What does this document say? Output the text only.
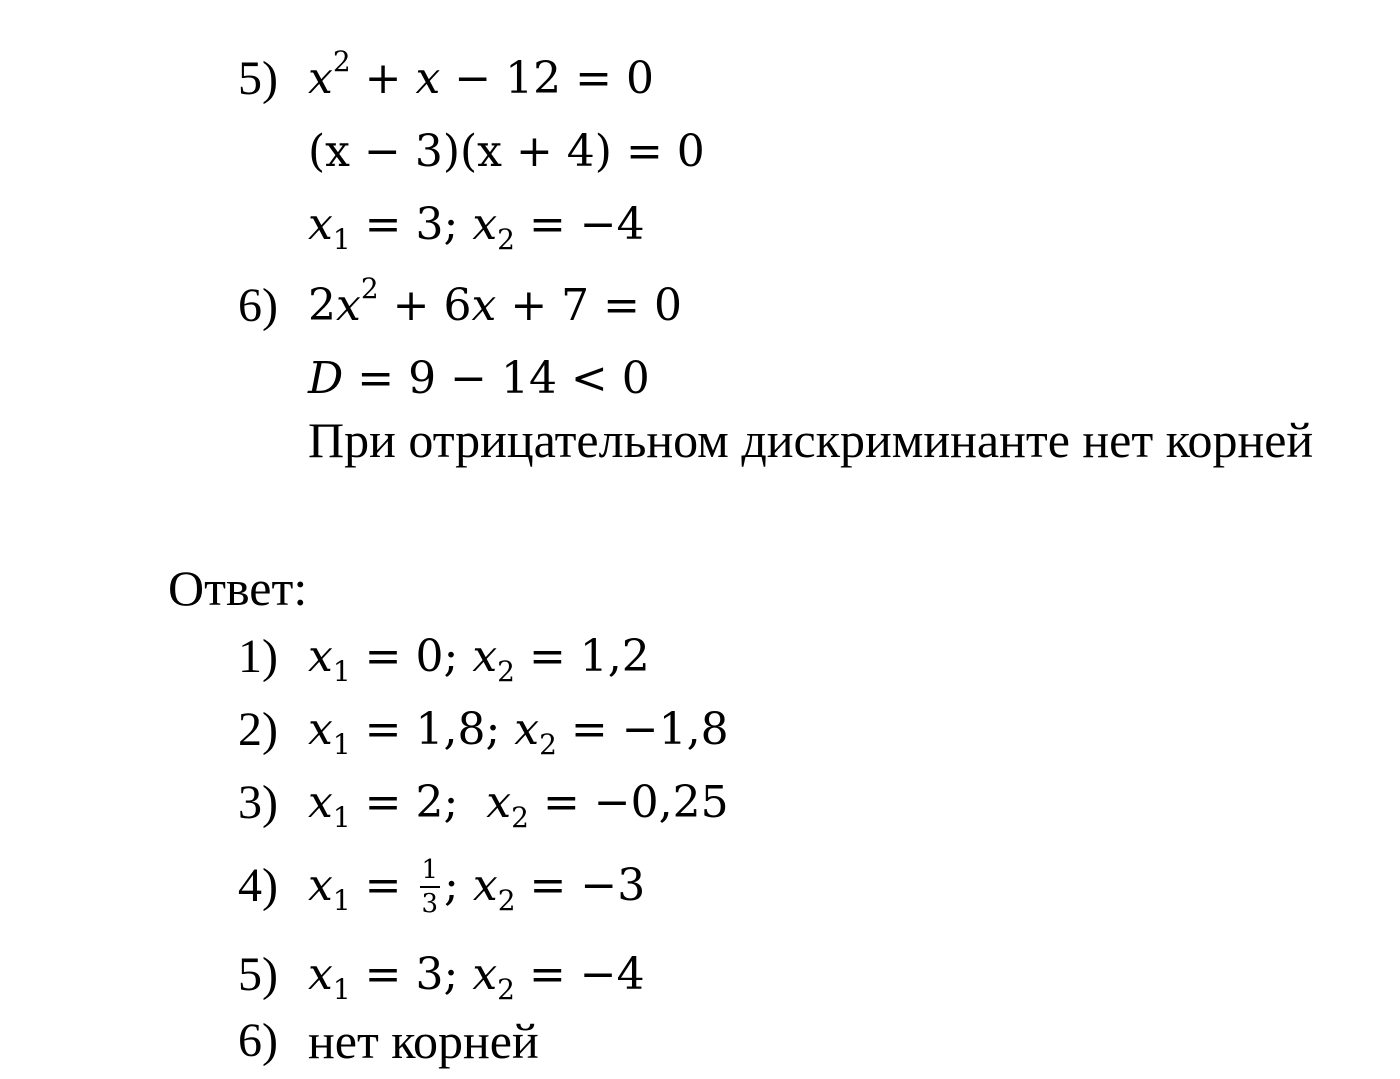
5) $x^2 + x - 12 = 0$
(x − 3)(x + 4) = 0
$x_1 = 3$; $x_2 = -4$
6) $2x^2 + 6x + 7 = 0$
D = 9 − 14 < 0
При отрицательном дискриминанте нет корней
Ответ:
1) $x_1 = 0$; $x_2 = 1,2$
2) $x_1 = 1,8$; $x_2 = -1,8$
3) $x_1 = 2$;  $x_2 = -0,25$
4) $x_1 = \frac{1}{3}$ ; $x_2 = -3$
5) $x_1 = 3$; $x_2 = -4$
6) нет корней
